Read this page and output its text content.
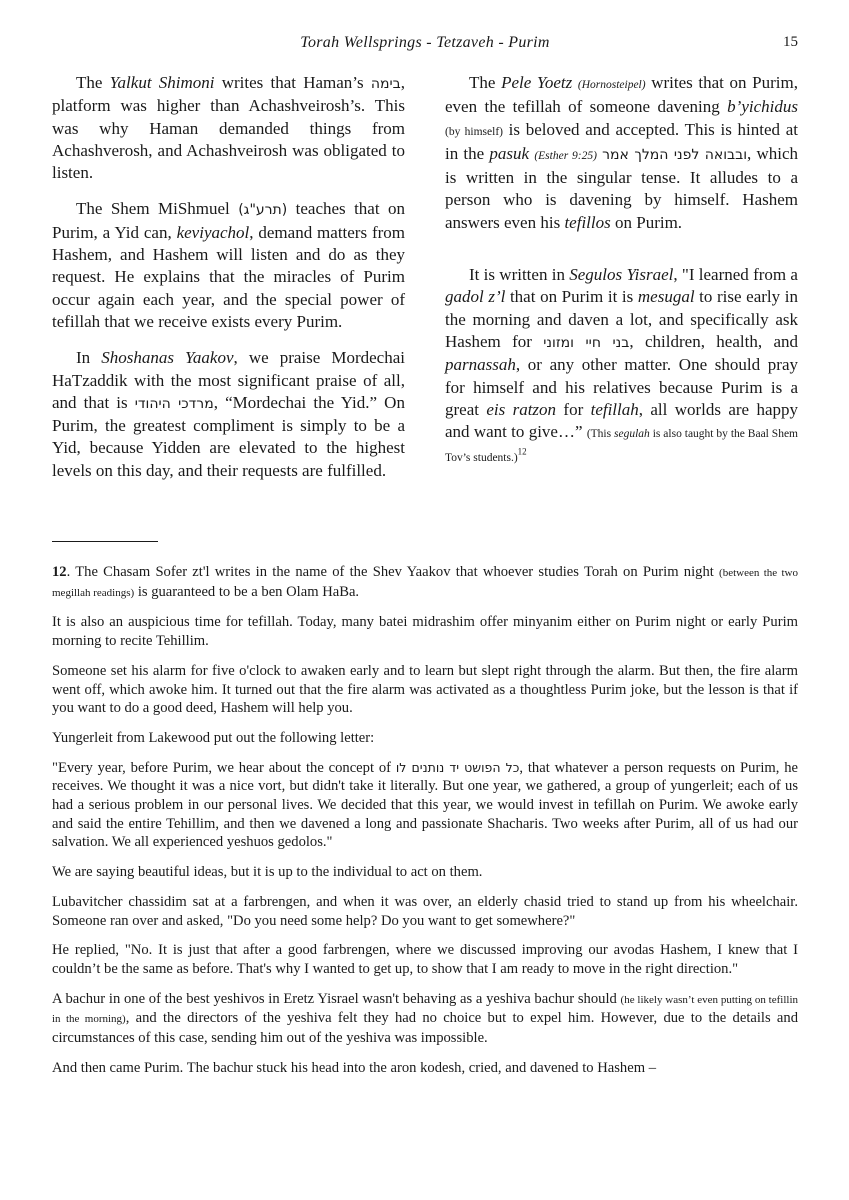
Torah Wellsprings - Tetzaveh - Purim	15

The Yalkut Shimoni writes that Haman’s בימה, platform was higher than Achashveirosh’s. This was why Haman demanded things from Achashverosh, and Achashveirosh was obligated to listen.

The Shem MiShmuel (תרע"ג) teaches that on Purim, a Yid can, keviyachol, demand matters from Hashem, and Hashem will listen and do as they request. He explains that the miracles of Purim occur again each year, and the special power of tefillah that we receive exists every Purim.

In Shoshanas Yaakov, we praise Mordechai HaTzaddik with the most significant praise of all, and that is מרדכי היהודי, “Mordechai the Yid.” On Purim, the greatest compliment is simply to be a Yid, because Yidden are elevated to the highest levels on this day, and their requests are fulfilled.

The Pele Yoetz (Hornosteipel) writes that on Purim, even the tefillah of someone davening b’yichidus (by himself) is beloved and accepted. This is hinted at in the pasuk (Esther 9:25) ובבואה לפני המלך אמר, which is written in the singular tense. It alludes to a person who is davening by himself. Hashem answers even his tefillos on Purim.

It is written in Segulos Yisrael, "I learned from a gadol z’l that on Purim it is mesugal to rise early in the morning and daven a lot, and specifically ask Hashem for בני חיי ומזוני, children, health, and parnassah, or any other matter. One should pray for himself and his relatives because Purim is a great eis ratzon for tefillah, all worlds are happy and want to give…” (This segulah is also taught by the Baal Shem Tov’s students.)$^{12}$

12. The Chasam Sofer zt'l writes in the name of the Shev Yaakov that whoever studies Torah on Purim night (between the two megillah readings) is guaranteed to be a ben Olam HaBa.

It is also an auspicious time for tefillah. Today, many batei midrashim offer minyanim either on Purim night or early Purim morning to recite Tehillim.

Someone set his alarm for five o'clock to awaken early and to learn but slept right through the alarm. But then, the fire alarm went off, which awoke him. It turned out that the fire alarm was activated as a thoughtless Purim joke, but the lesson is that if you want to do a good deed, Hashem will help you.

Yungerleit from Lakewood put out the following letter:

"Every year, before Purim, we hear about the concept of כל הפושט יד נותנים לו, that whatever a person requests on Purim, he receives. We thought it was a nice vort, but didn't take it literally. But one year, we gathered, a group of yungerleit; each of us had a serious problem in our personal lives. We decided that this year, we would invest in tefillah on Purim. We awoke early and said the entire Tehillim, and then we davened a long and passionate Shacharis. Two weeks after Purim, all of us had our salvation. We all experienced yeshuos gedolos."

We are saying beautiful ideas, but it is up to the individual to act on them.

Lubavitcher chassidim sat at a farbrengen, and when it was over, an elderly chasid tried to stand up from his wheelchair. Someone ran over and asked, "Do you need some help? Do you want to get somewhere?"

He replied, "No. It is just that after a good farbrengen, where we discussed improving our avodas Hashem, I knew that I couldn’t be the same as before. That's why I wanted to get up, to show that I am ready to move in the right direction."

A bachur in one of the best yeshivos in Eretz Yisrael wasn't behaving as a yeshiva bachur should (he likely wasn’t even putting on tefillin in the morning), and the directors of the yeshiva felt they had no choice but to expel him. However, due to the details and circumstances of this case, sending him out of the yeshiva was impossible.

And then came Purim. The bachur stuck his head into the aron kodesh, cried, and davened to Hashem –
